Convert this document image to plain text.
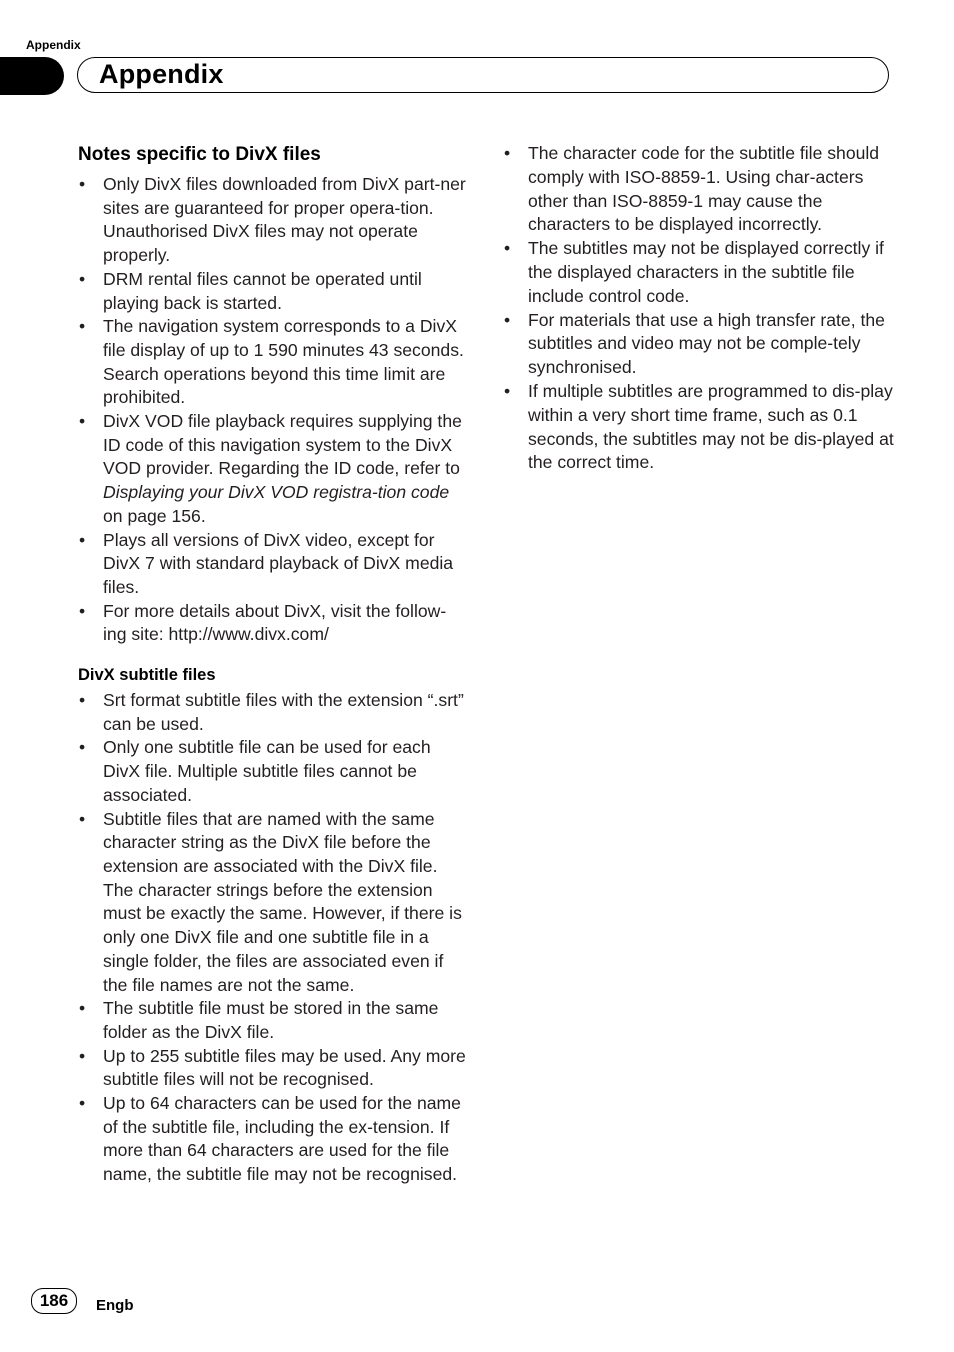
Appendix
Appendix
Notes specific to DivX files
• Only DivX files downloaded from DivX part-ner sites are guaranteed for proper opera-tion. Unauthorised DivX files may not operate properly.
• DRM rental files cannot be operated until playing back is started.
• The navigation system corresponds to a DivX file display of up to 1 590 minutes 43 seconds. Search operations beyond this time limit are prohibited.
• DivX VOD file playback requires supplying the ID code of this navigation system to the DivX VOD provider. Regarding the ID code, refer to Displaying your DivX VOD registra-tion code on page 156.
• Plays all versions of DivX video, except for DivX 7 with standard playback of DivX media files.
• For more details about DivX, visit the follow-ing site: http://www.divx.com/
DivX subtitle files
• Srt format subtitle files with the extension “.srt” can be used.
• Only one subtitle file can be used for each DivX file. Multiple subtitle files cannot be associated.
• Subtitle files that are named with the same character string as the DivX file before the extension are associated with the DivX file. The character strings before the extension must be exactly the same. However, if there is only one DivX file and one subtitle file in a single folder, the files are associated even if the file names are not the same.
• The subtitle file must be stored in the same folder as the DivX file.
• Up to 255 subtitle files may be used. Any more subtitle files will not be recognised.
• Up to 64 characters can be used for the name of the subtitle file, including the ex-tension. If more than 64 characters are used for the file name, the subtitle file may not be recognised.
• The character code for the subtitle file should comply with ISO-8859-1. Using char-acters other than ISO-8859-1 may cause the characters to be displayed incorrectly.
• The subtitles may not be displayed correctly if the displayed characters in the subtitle file include control code.
• For materials that use a high transfer rate, the subtitles and video may not be comple-tely synchronised.
• If multiple subtitles are programmed to dis-play within a very short time frame, such as 0.1 seconds, the subtitles may not be dis-played at the correct time.
186	Engb
